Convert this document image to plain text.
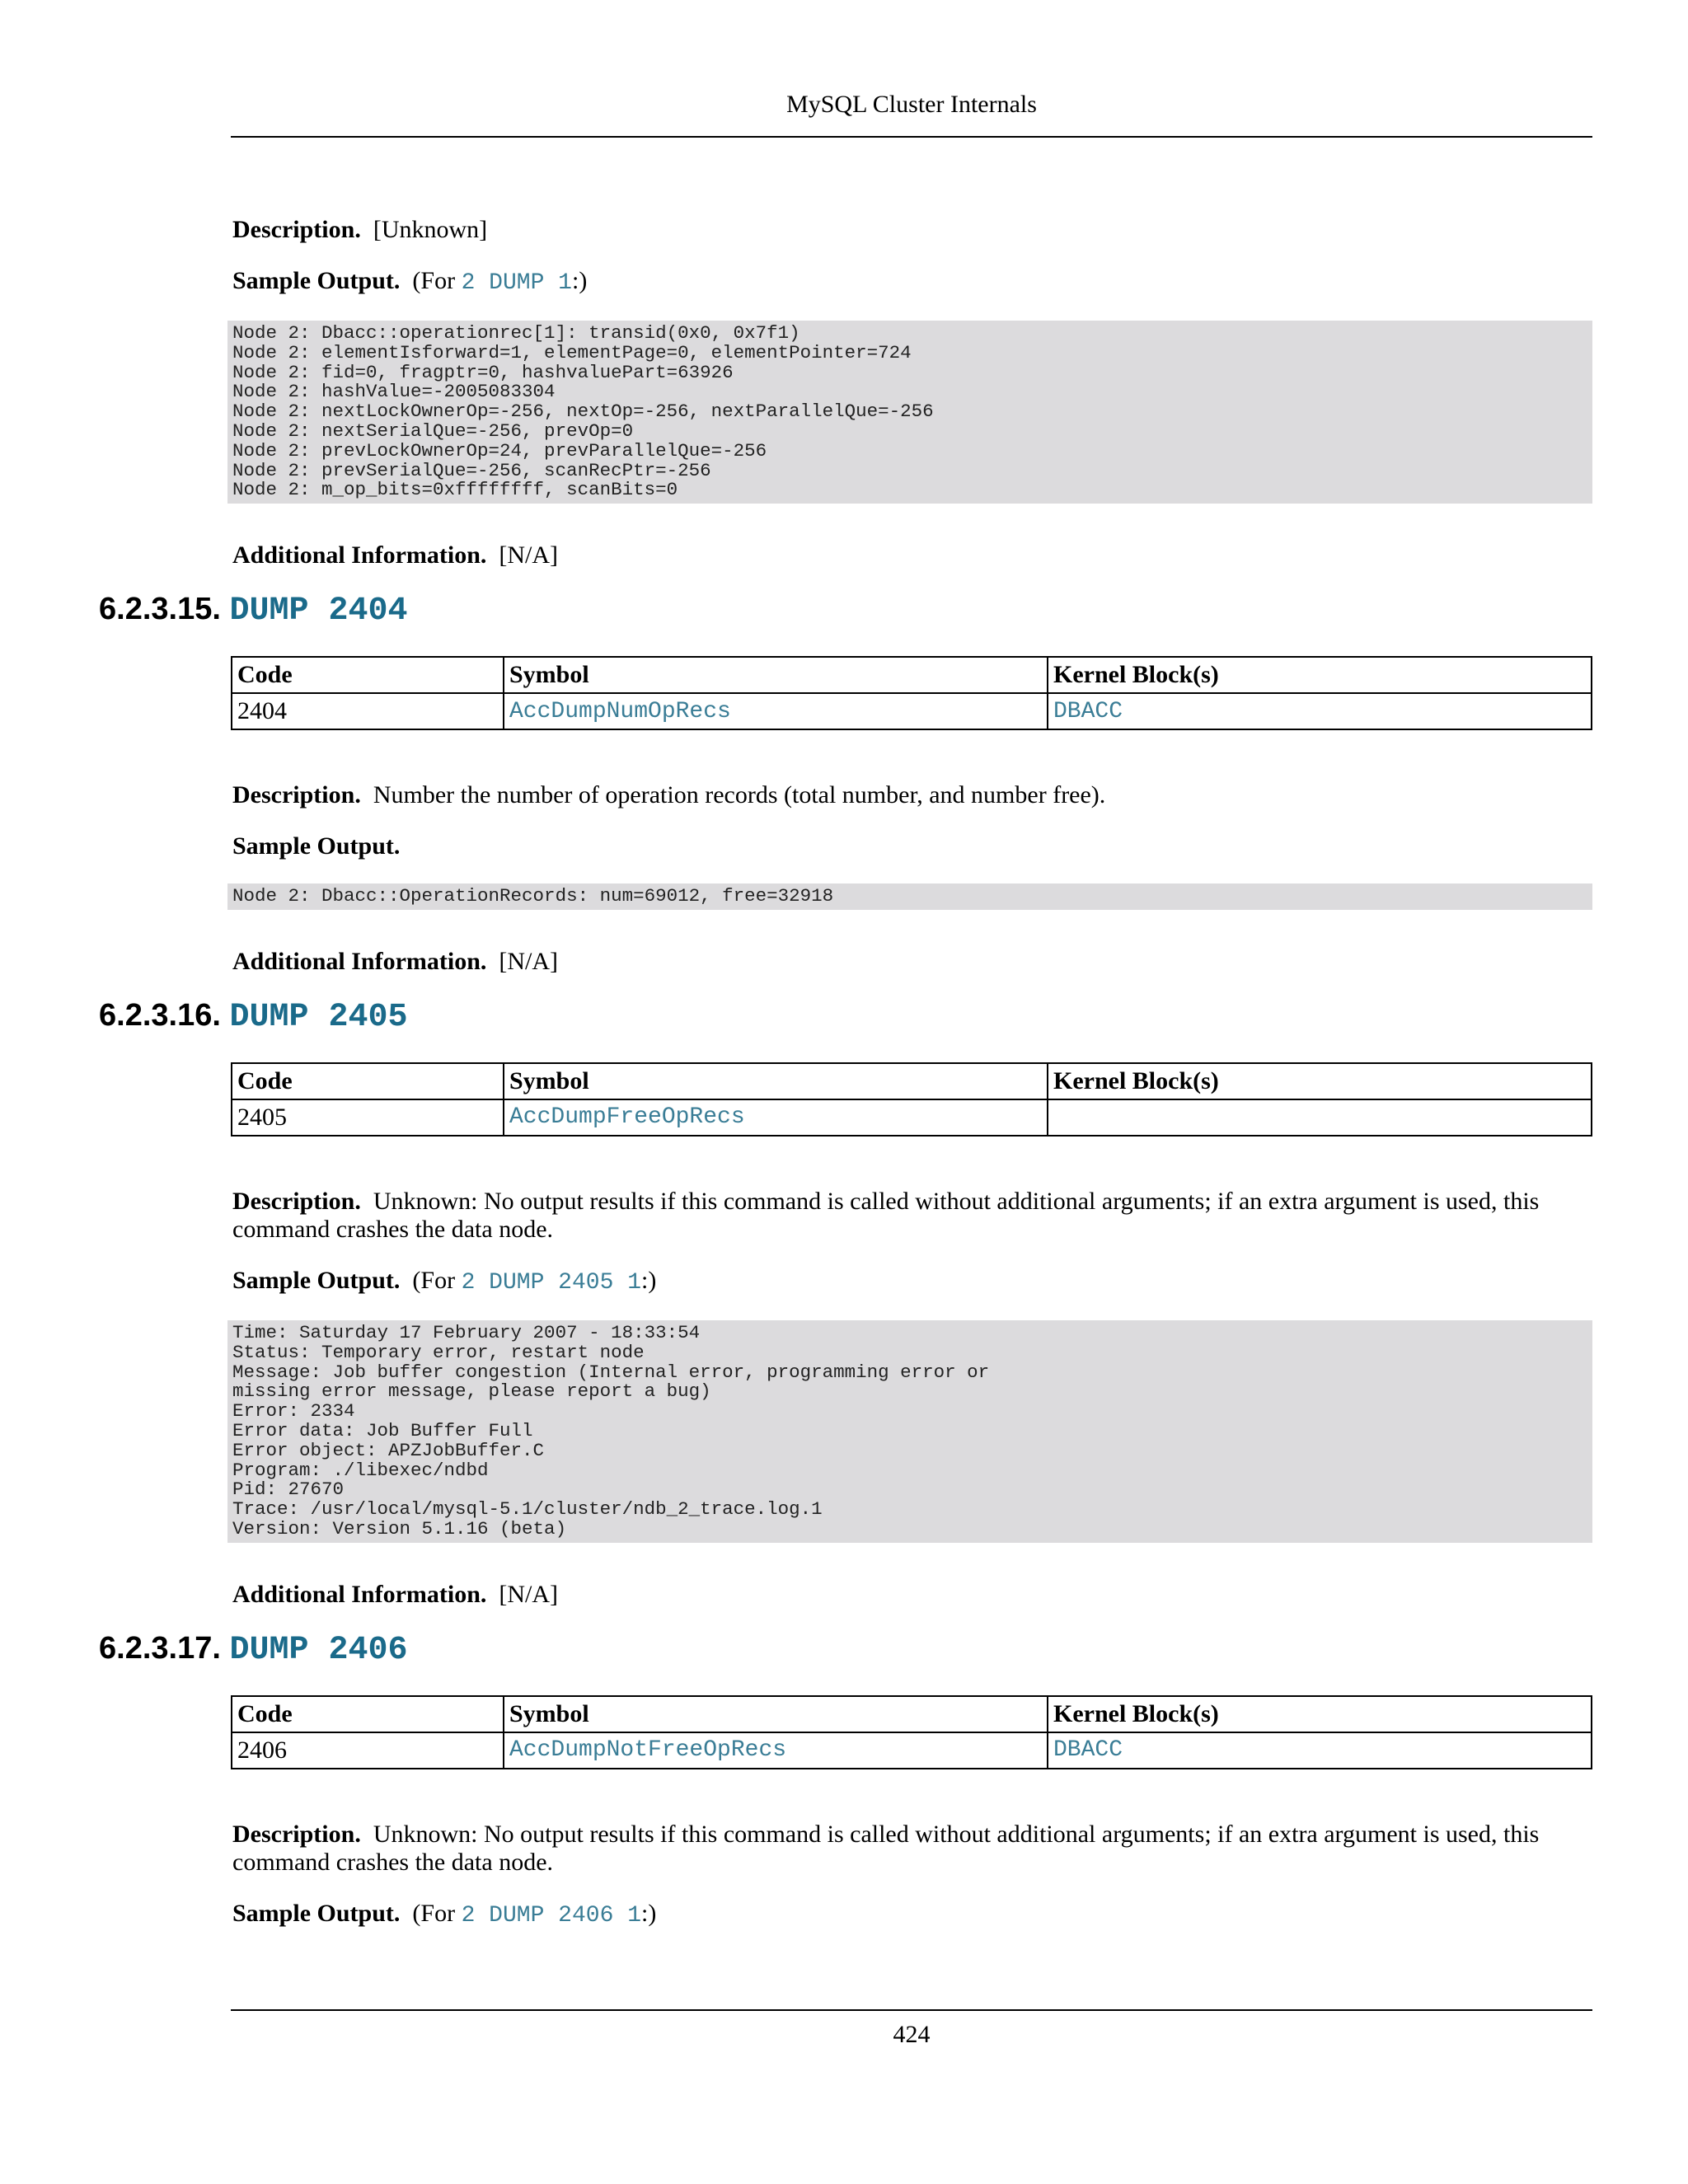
MySQL Cluster Internals
Description. [Unknown]
Sample Output. (For 2 DUMP 1:)
Node 2: Dbacc::operationrec[1]: transid(0x0, 0x7f1)
Node 2: elementIsforward=1, elementPage=0, elementPointer=724
Node 2: fid=0, fragptr=0, hashvaluePart=63926
Node 2: hashValue=-2005083304
Node 2: nextLockOwnerOp=-256, nextOp=-256, nextParallelQue=-256
Node 2: nextSerialQue=-256, prevOp=0
Node 2: prevLockOwnerOp=24, prevParallelQue=-256
Node 2: prevSerialQue=-256, scanRecPtr=-256
Node 2: m_op_bits=0xffffffff, scanBits=0
Additional Information. [N/A]
6.2.3.15. DUMP 2404
Code	Symbol	Kernel Block(s)
2404	AccDumpNumOpRecs	DBACC
Description. Number the number of operation records (total number, and number free).
Sample Output.
Node 2: Dbacc::OperationRecords: num=69012, free=32918
Additional Information. [N/A]
6.2.3.16. DUMP 2405
Code	Symbol	Kernel Block(s)
2405	AccDumpFreeOpRecs	
Description. Unknown: No output results if this command is called without additional arguments; if an extra argument is used, this command crashes the data node.
Sample Output. (For 2 DUMP 2405 1:)
Time: Saturday 17 February 2007 - 18:33:54
Status: Temporary error, restart node
Message: Job buffer congestion (Internal error, programming error or
missing error message, please report a bug)
Error: 2334
Error data: Job Buffer Full
Error object: APZJobBuffer.C
Program: ./libexec/ndbd
Pid: 27670
Trace: /usr/local/mysql-5.1/cluster/ndb_2_trace.log.1
Version: Version 5.1.16 (beta)
Additional Information. [N/A]
6.2.3.17. DUMP 2406
Code	Symbol	Kernel Block(s)
2406	AccDumpNotFreeOpRecs	DBACC
Description. Unknown: No output results if this command is called without additional arguments; if an extra argument is used, this command crashes the data node.
Sample Output. (For 2 DUMP 2406 1:)
424
